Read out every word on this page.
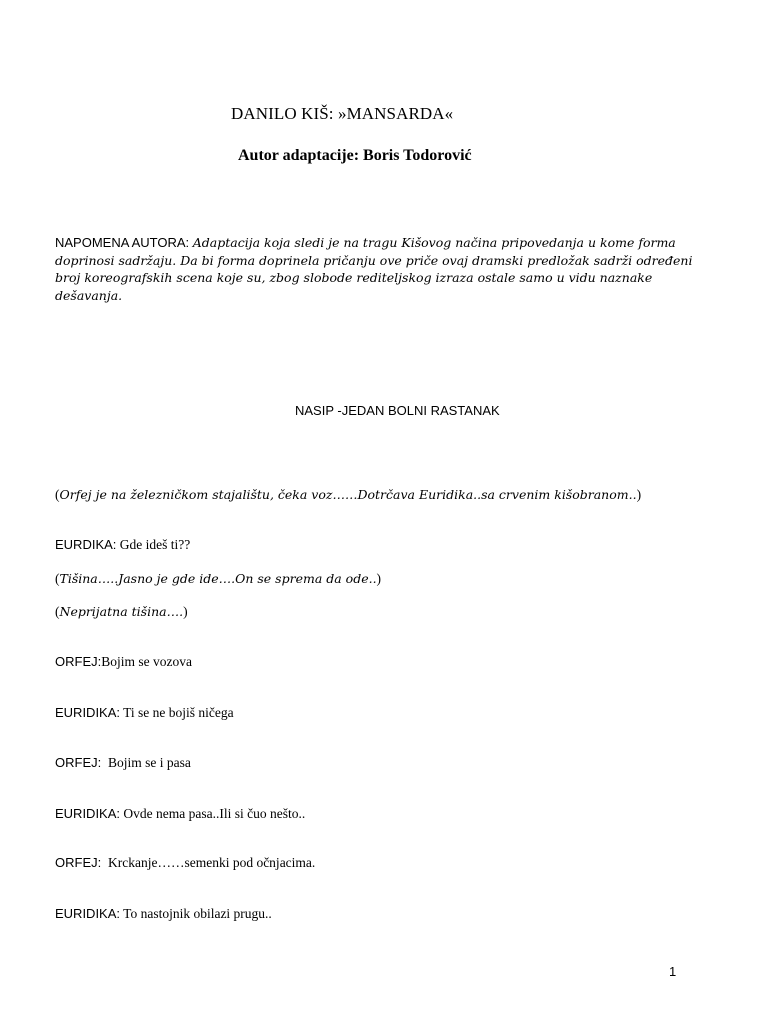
DANILO KIŠ: »MANSARDA«
Autor adaptacije: Boris Todorović
NAPOMENA AUTORA: Adaptacija koja sledi je na tragu Kišovog načina pripovedanja u kome forma doprinosi sadržaju. Da bi forma doprinela pričanju ove priče ovaj dramski predložak sadrži određeni broj koreografskih scena koje su, zbog slobode rediteljskog izraza ostale samo u vidu naznake dešavanja.
NASIP -JEDAN BOLNI RASTANAK
(Orfej je na železničkom stajalištu, čeka voz……Dotrčava Euridika..sa crvenim kišobranom..)
EURDIKA: Gde ideš ti??
(Tišina…..Jasno je gde ide….On se sprema da ode..)
(Neprijatna tišina….)
ORFEJ:Bojim se vozova
EURIDIKA: Ti se ne bojiš ničega
ORFEJ:  Bojim se i pasa
EURIDIKA: Ovde nema pasa..Ili si čuo nešto..
ORFEJ:  Krckanje……semenki pod očnjacima.
EURIDIKA: To nastojnik obilazi prugu..
1
